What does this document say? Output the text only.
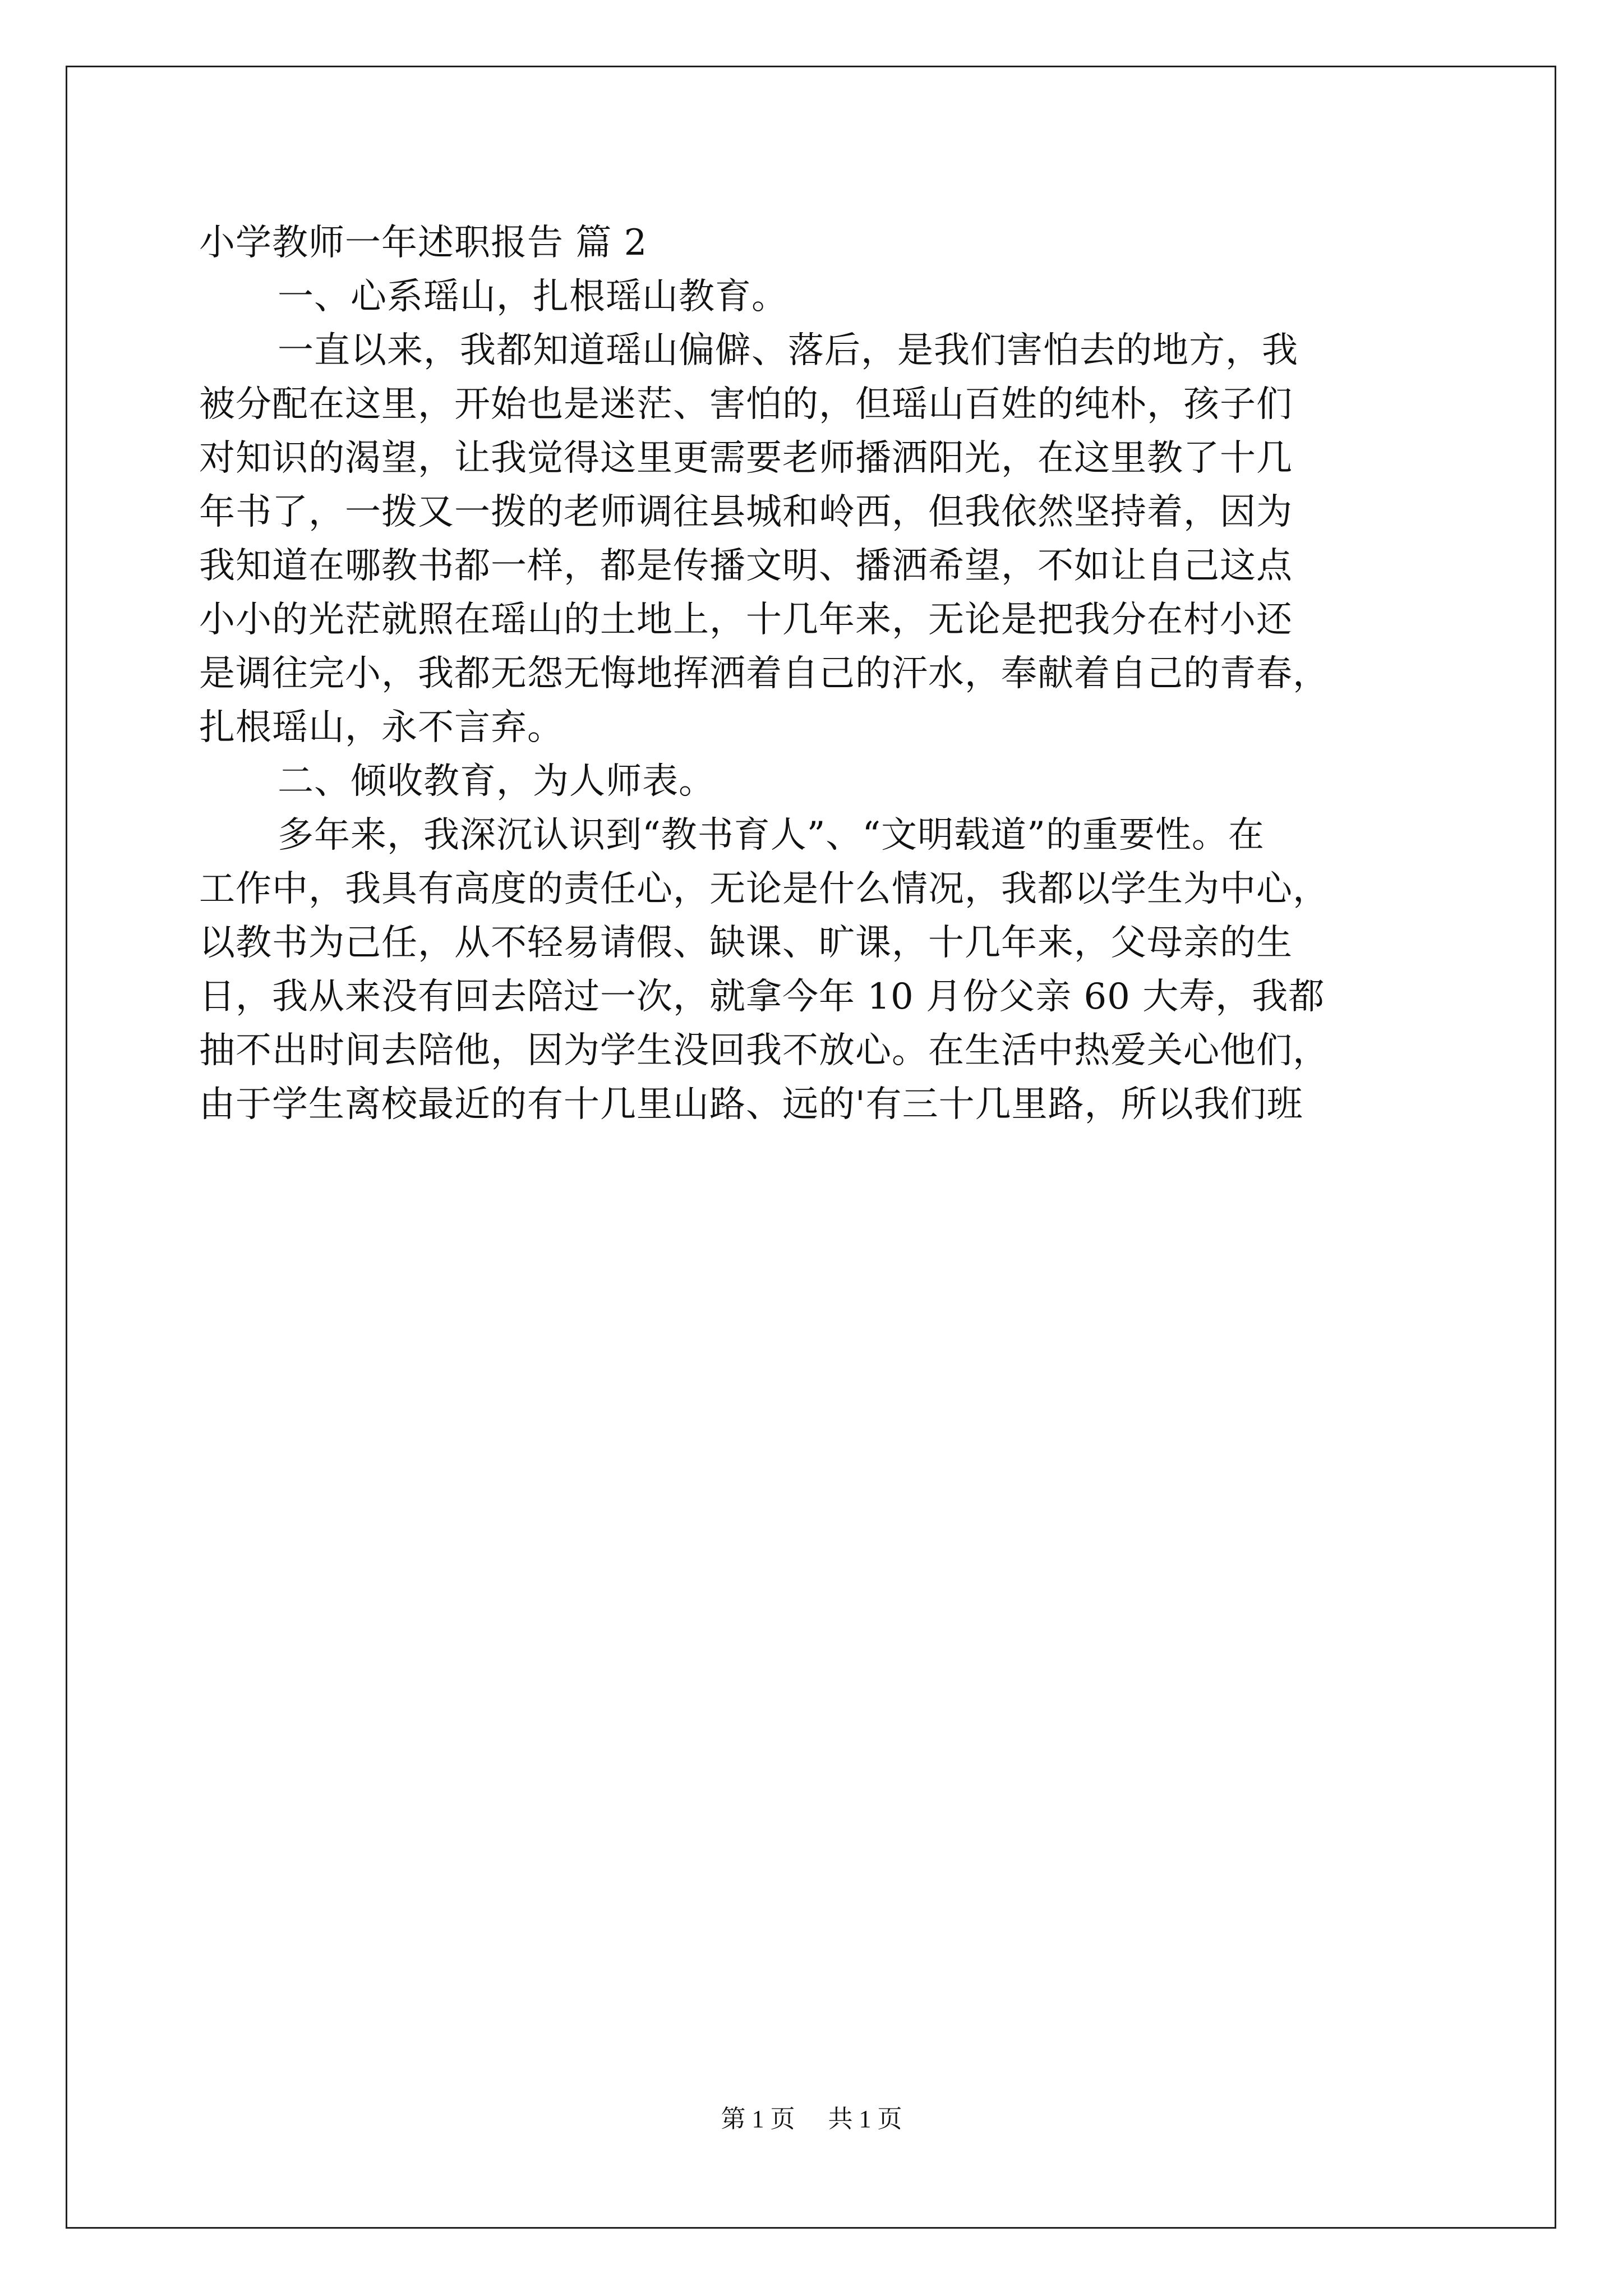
小学教师一年述职报告 篇 2
一、心系瑶山，扎根瑶山教育。
一直以来，我都知道瑶山偏僻、落后，是我们害怕去的地方，我
被分配在这里，开始也是迷茫、害怕的，但瑶山百姓的纯朴，孩子们
对知识的渴望，让我觉得这里更需要老师播洒阳光，在这里教了十几
年书了，一拨又一拨的老师调往县城和岭西，但我依然坚持着，因为
我知道在哪教书都一样，都是传播文明、播洒希望，不如让自己这点
小小的光茫就照在瑶山的土地上，十几年来，无论是把我分在村小还
是调往完小，我都无怨无悔地挥洒着自己的汗水，奉献着自己的青春，
扎根瑶山，永不言弃。
二、倾收教育，为人师表。
多年来，我深沉认识到“教书育人”、“文明载道”的重要性。在
工作中，我具有高度的责任心，无论是什么情况，我都以学生为中心，
以教书为己任，从不轻易请假、缺课、旷课，十几年来，父母亲的生
日，我从来没有回去陪过一次，就拿今年 10 月份父亲 60 大寿，我都
抽不出时间去陪他，因为学生没回我不放心。在生活中热爱关心他们，
由于学生离校最近的有十几里山路、远的'有三十几里路，所以我们班
第 1 页 共 1 页
